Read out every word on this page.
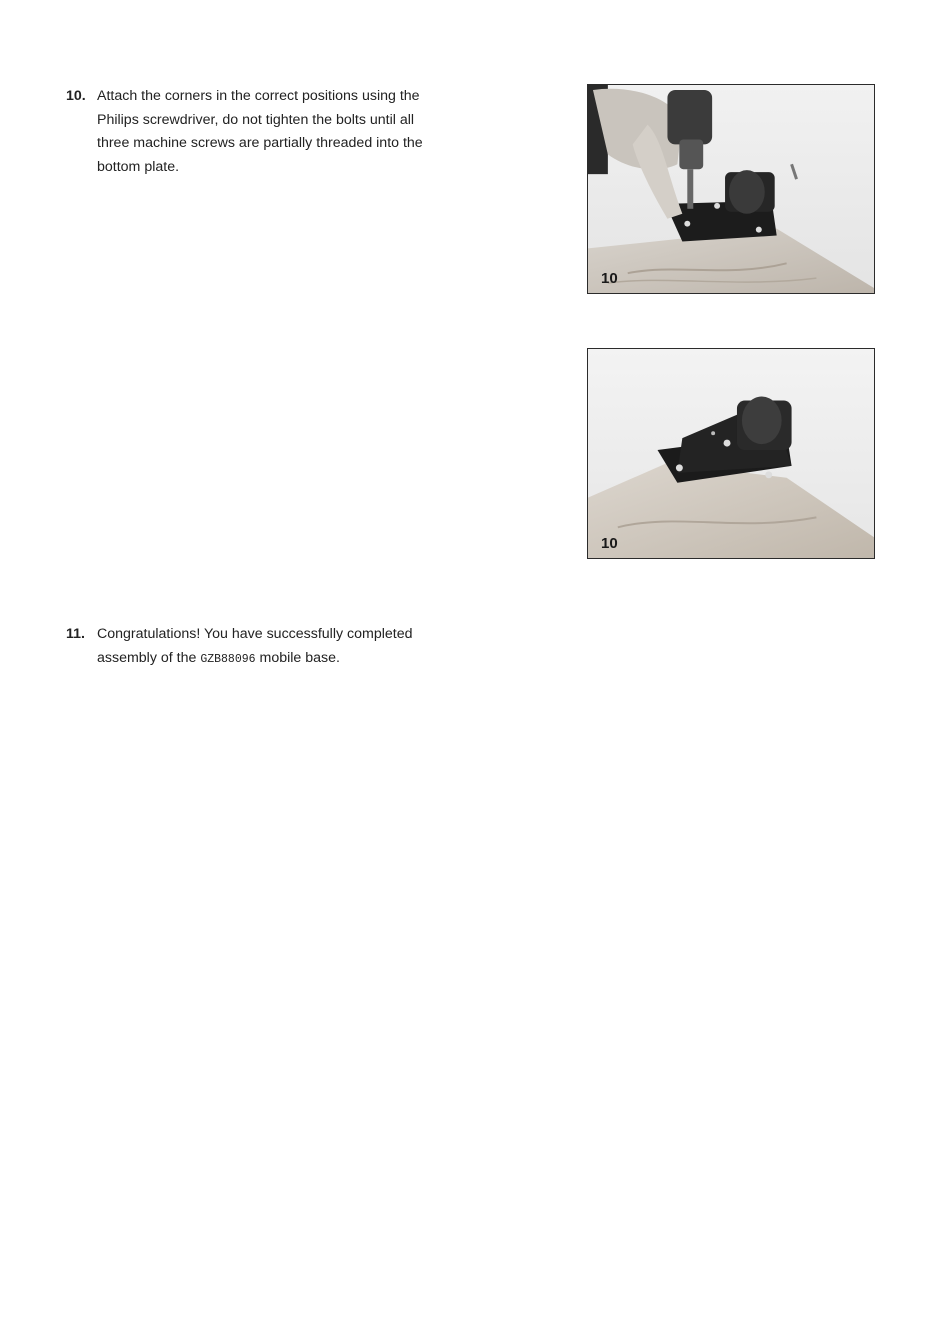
10. Attach the corners in the correct positions using the Philips screwdriver, do not tighten the bolts until all three machine screws are partially threaded into the bottom plate.
10
10
11. Congratulations! You have successfully completed assembly of the GZB88096 mobile base.
